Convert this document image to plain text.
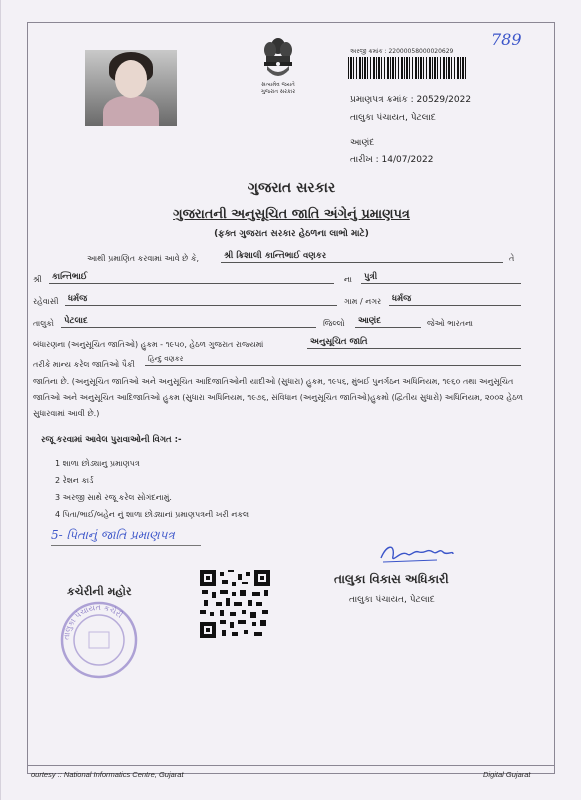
સત્યમેવ જયતે
ગુજરાત સરકાર
789
અરજી ક્રમાંક : 22000058000020629
પ્રમાણપત્ર ક્રમાંક : 20529/2022
તાલુકા પંચાયત, પેટલાદ
આણંદ
તારીખ : 14/07/2022
ગુજરાત સરકાર
ગુજરાતની અનુસૂચિત જાતિ અંગેનું પ્રમાણપત્ર
(ફક્ત ગુજરાત સરકાર હેઠળના લાભો માટે)
આથી પ્રમાણિત કરવામાં આવે છે કે,	શ્રી ક્રિશાલી કાન્તિભાઈ વણકર	તે
શ્રી	કાન્તિભાઈ	ના	પુત્રી
રહેવાસી	ધર્મજ	ગામ / નગર	ધર્મજ
તાલુકો	પેટલાદ	જિલ્લો	આણંદ	જેઓ ભારતના
બંધારણના (અનુસૂચિત જાતિઓ) હુકમ - ૧૯૫૦, હેઠળ ગુજરાત રાજ્યમાં	અનુસૂચિત જાતિ
તરીકે માન્ય કરેલ જાતિઓ પૈકી
હિન્દુ વણકર
જાતિના છે. (અનુસૂચિત જાતિઓ અને અનુસૂચિત આદિજાતિઓની યાદીઓ (સુધારા) હુકમ, ૧૯૫૬, મુંબઈ પુનર્ગઠન અધિનિયમ, ૧૯૬૦ તથા અનુસૂચિત જાતિઓ અને અનુસૂચિત આદિજાતિઓ હુકમ (સુધારા અધિનિયમ, ૧૯૭૬, સંવિધાન (અનુસૂચિત જાતિઓ)હુકમો (દ્વિતીય સુધારો) અધિનિયમ, ૨૦૦૨ હેઠળ સુધારવામાં આવી છે.)
રજૂ કરવામાં આવેલ પુરાવાઓની વિગત :-
1 શાળા છોડ્યાનુ પ્રમાણપત્ર
2 રેશન કાર્ડ
3 અરજી સાથે રજૂ કરેલ સોગંદનામું.
4 પિતા/ભાઈ/બહેન નું શાળા છોડ્યાનાં પ્રમાણપત્રની ખરી નકલ
5- પિતાનું જાતિ પ્રમાણપત્ર
કચેરીની મહોર
તાલુકા પંચાયત કચેરી
તાલુકા વિકાસ અધિકારી
તાલુકા પંચાયત, પેટલાદ
ourtesy :: National Informatics Centre, Gujarat	Digital Gujarat
